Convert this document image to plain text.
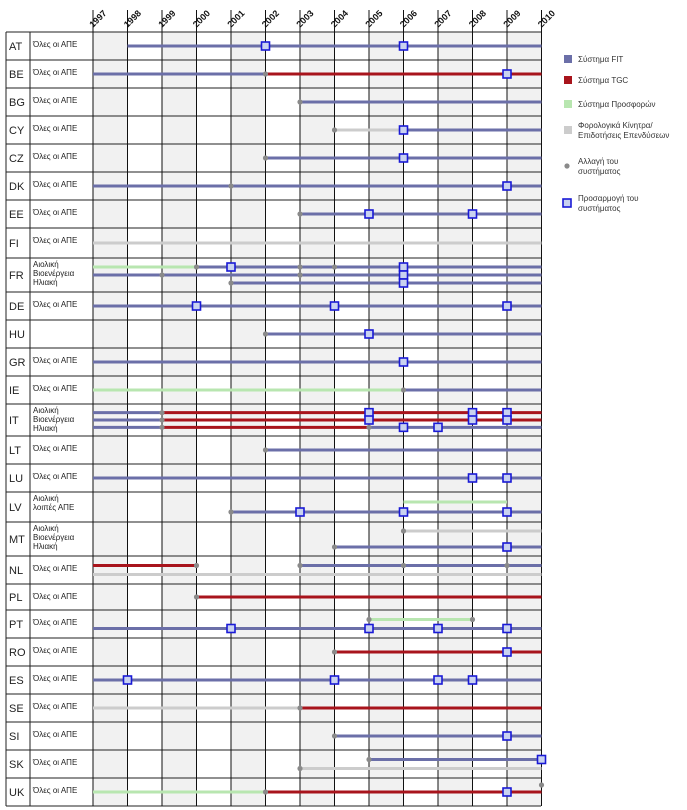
1997 1998 1999 2000 2001 2002 2003 2004 2005 2006 2007 2008 2009 2010
AT Όλες οι ΑΠΕ
BE Όλες οι ΑΠΕ
BG Όλες οι ΑΠΕ
CY Όλες οι ΑΠΕ
CZ Όλες οι ΑΠΕ
DK Όλες οι ΑΠΕ
EE Όλες οι ΑΠΕ
FI Όλες οι ΑΠΕ
FR
Αιολική
Βιοενέργεια
Ηλιακή
DE Όλες οι ΑΠΕ
HU
GR Όλες οι ΑΠΕ
IE Όλες οι ΑΠΕ
IT
Αιολική
Βιοενέργεια
Ηλιακή
LT Όλες οι ΑΠΕ
LU Όλες οι ΑΠΕ
LV
Αιολική
λοιπές ΑΠΕ
MT
Αιολική
Βιοενέργεια
Ηλιακή
NL Όλες οι ΑΠΕ
PL Όλες οι ΑΠΕ
PT Όλες οι ΑΠΕ
RO Όλες οι ΑΠΕ
ES Όλες οι ΑΠΕ
SE Όλες οι ΑΠΕ
SI Όλες οι ΑΠΕ
SK Όλες οι ΑΠΕ
UK Όλες οι ΑΠΕ
Σύστημα FIT
Σύστημα TGC
Σύστημα Προσφορών
Φορολογικά Κίνητρα/
Επιδοτήσεις Επενδύσεων
Αλλαγή του
συστήματος
Προσαρμογή του
συστήματος
